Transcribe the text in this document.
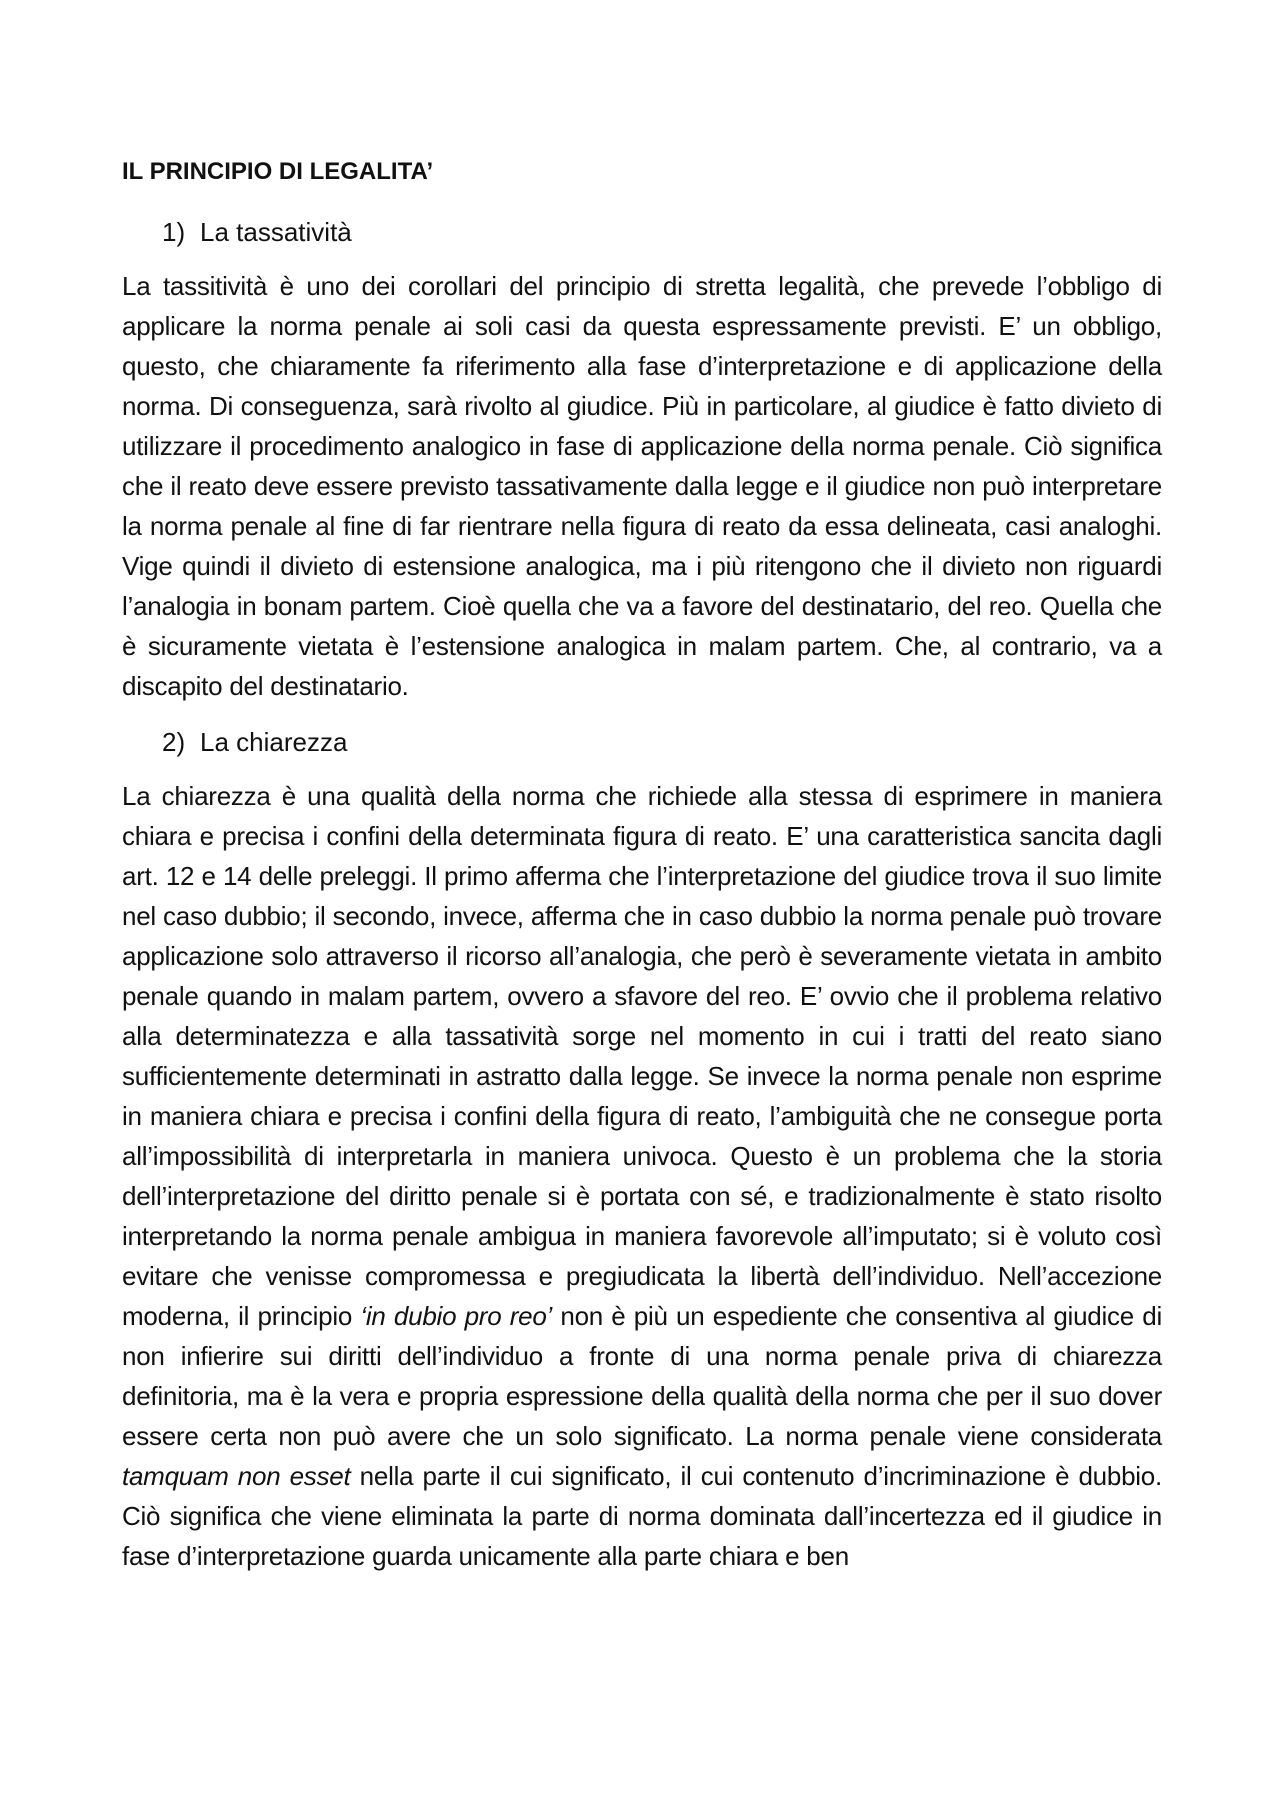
IL PRINCIPIO DI LEGALITA’
1) La tassatività

La tassitività è uno dei corollari del principio di stretta legalità, che prevede l’obbligo di applicare la norma penale ai soli casi da questa espressamente previsti. E’ un obbligo, questo, che chiaramente fa riferimento alla fase d’interpretazione e di applicazione della norma. Di conseguenza, sarà rivolto al giudice. Più in particolare, al giudice è fatto divieto di utilizzare il procedimento analogico in fase di applicazione della norma penale. Ciò significa che il reato deve essere previsto tassativamente dalla legge e il giudice non può interpretare la norma penale al fine di far rientrare nella figura di reato da essa delineata, casi analoghi. Vige quindi il divieto di estensione analogica, ma i più ritengono che il divieto non riguardi l’analogia in bonam partem. Cioè quella che va a favore del destinatario, del reo. Quella che è sicuramente vietata è l’estensione analogica in malam partem. Che, al contrario, va a discapito del destinatario.

2) La chiarezza

La chiarezza è una qualità della norma che richiede alla stessa di esprimere in maniera chiara e precisa i confini della determinata figura di reato. E’ una caratteristica sancita dagli art. 12 e 14 delle preleggi. Il primo afferma che l’interpretazione del giudice trova il suo limite nel caso dubbio; il secondo, invece, afferma che in caso dubbio la norma penale può trovare applicazione solo attraverso il ricorso all’analogia, che però è severamente vietata in ambito penale quando in malam partem, ovvero a sfavore del reo. E’ ovvio che il problema relativo alla determinatezza e alla tassatività sorge nel momento in cui i tratti del reato siano sufficientemente determinati in astratto dalla legge. Se invece la norma penale non esprime in maniera chiara e precisa i confini della figura di reato, l’ambiguità che ne consegue porta all’impossibilità di interpretarla in maniera univoca. Questo è un problema che la storia dell’interpretazione del diritto penale si è portata con sé, e tradizionalmente è stato risolto interpretando la norma penale ambigua in maniera favorevole all’imputato; si è voluto così evitare che venisse compromessa e pregiudicata la libertà dell’individuo. Nell’accezione moderna, il principio ‘in dubio pro reo’ non è più un espediente che consentiva al giudice di non infierire sui diritti dell’individuo a fronte di una norma penale priva di chiarezza definitoria, ma è la vera e propria espressione della qualità della norma che per il suo dover essere certa non può avere che un solo significato. La norma penale viene considerata tamquam non esset nella parte il cui significato, il cui contenuto d’incriminazione è dubbio. Ciò significa che viene eliminata la parte di norma dominata dall’incertezza ed il giudice in fase d’interpretazione guarda unicamente alla parte chiara e ben
